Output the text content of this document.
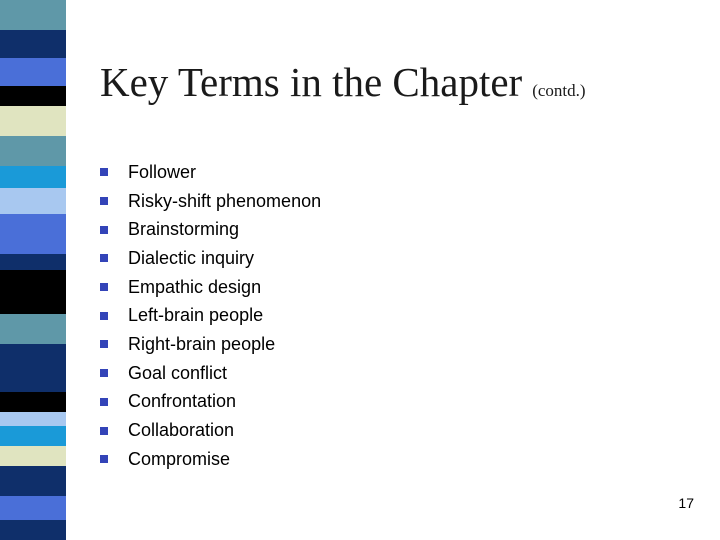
Key Terms in the Chapter (contd.)
Follower
Risky-shift phenomenon
Brainstorming
Dialectic inquiry
Empathic design
Left-brain people
Right-brain people
Goal conflict
Confrontation
Collaboration
Compromise
17
